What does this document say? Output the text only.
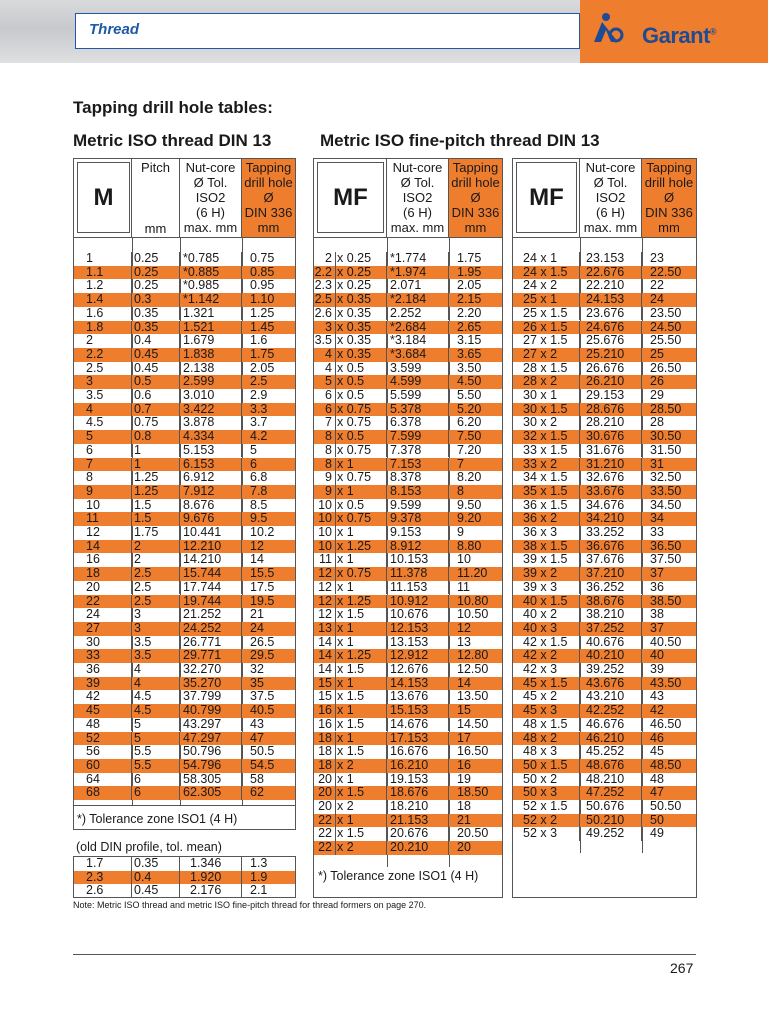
Thread	Garant®
Tapping drill hole tables:
Metric ISO thread DIN 13	Metric ISO fine-pitch thread DIN 13
M
Pitch
mm
Nut-core
Ø Tol.
ISO2
(6 H)
max. mm
Tapping
drill hole
Ø
DIN 336
mm
1	0.25	*0.785	0.75
1.1	0.25	*0.885	0.85
1.2	0.25	*0.985	0.95
1.4	0.3	*1.142	1.10
1.6	0.35	1.321	1.25
1.8	0.35	1.521	1.45
2	0.4	1.679	1.6
2.2	0.45	1.838	1.75
2.5	0.45	2.138	2.05
3	0.5	2.599	2.5
3.5	0.6	3.010	2.9
4	0.7	3.422	3.3
4.5	0.75	3.878	3.7
5	0.8	4.334	4.2
6	1	5.153	5
7	1	6.153	6
8	1.25	6.912	6.8
9	1.25	7.912	7.8
10	1.5	8.676	8.5
11	1.5	9.676	9.5
12	1.75	10.441	10.2
14	2	12.210	12
16	2	14.210	14
18	2.5	15.744	15.5
20	2.5	17.744	17.5
22	2.5	19.744	19.5
24	3	21.252	21
27	3	24.252	24
30	3.5	26.771	26.5
33	3.5	29.771	29.5
36	4	32.270	32
39	4	35.270	35
42	4.5	37.799	37.5
45	4.5	40.799	40.5
48	5	43.297	43
52	5	47.297	47
56	5.5	50.796	50.5
60	5.5	54.796	54.5
64	6	58.305	58
68	6	62.305	62
*) Tolerance zone ISO1 (4 H)
(old DIN profile, tol. mean)
1.7	0.35	1.346	1.3
2.3	0.4	1.920	1.9
2.6	0.45	2.176	2.1
MF
Nut-core
Ø Tol.
ISO2
(6 H)
max. mm
Tapping
drill hole
Ø
DIN 336
mm
2 x 0.25	*1.774	1.75
2.2 x 0.25	*1.974	1.95
2.3 x 0.25	2.071	2.05
2.5 x 0.35	*2.184	2.15
2.6 x 0.35	2.252	2.20
3 x 0.35	*2.684	2.65
3.5 x 0.35	*3.184	3.15
4 x 0.35	*3.684	3.65
4 x 0.5	3.599	3.50
5 x 0.5	4.599	4.50
6 x 0.5	5.599	5.50
6 x 0.75	5.378	5.20
7 x 0.75	6.378	6.20
8 x 0.5	7.599	7.50
8 x 0.75	7.378	7.20
8 x 1	7.153	7
9 x 0.75	8.378	8.20
9 x 1	8.153	8
10 x 0.5	9.599	9.50
10 x 0.75	9.378	9.20
10 x 1	9.153	9
10 x 1.25	8.912	8.80
11 x 1	10.153	10
12 x 0.75	11.378	11.20
12 x 1	11.153	11
12 x 1.25	10.912	10.80
12 x 1.5	10.676	10.50
13 x 1	12.153	12
14 x 1	13.153	13
14 x 1.25	12.912	12.80
14 x 1.5	12.676	12.50
15 x 1	14.153	14
15 x 1.5	13.676	13.50
16 x 1	15.153	15
16 x 1.5	14.676	14.50
18 x 1	17.153	17
18 x 1.5	16.676	16.50
18 x 2	16.210	16
20 x 1	19.153	19
20 x 1.5	18.676	18.50
20 x 2	18.210	18
22 x 1	21.153	21
22 x 1.5	20.676	20.50
22 x 2	20.210	20
*) Tolerance zone ISO1 (4 H)
MF
Nut-core
Ø Tol.
ISO2
(6 H)
max. mm
Tapping
drill hole
Ø
DIN 336
mm
24 x 1	23.153	23
24 x 1.5	22.676	22.50
24 x 2	22.210	22
25 x 1	24.153	24
25 x 1.5	23.676	23.50
26 x 1.5	24.676	24.50
27 x 1.5	25.676	25.50
27 x 2	25.210	25
28 x 1.5	26.676	26.50
28 x 2	26.210	26
30 x 1	29.153	29
30 x 1.5	28.676	28.50
30 x 2	28.210	28
32 x 1.5	30.676	30.50
33 x 1.5	31.676	31.50
33 x 2	31.210	31
34 x 1.5	32.676	32.50
35 x 1.5	33.676	33.50
36 x 1.5	34.676	34.50
36 x 2	34.210	34
36 x 3	33.252	33
38 x 1.5	36.676	36.50
39 x 1.5	37.676	37.50
39 x 2	37.210	37
39 x 3	36.252	36
40 x 1.5	38.676	38.50
40 x 2	38.210	38
40 x 3	37.252	37
42 x 1.5	40.676	40.50
42 x 2	40.210	40
42 x 3	39.252	39
45 x 1.5	43.676	43.50
45 x 2	43.210	43
45 x 3	42.252	42
48 x 1.5	46.676	46.50
48 x 2	46.210	46
48 x 3	45.252	45
50 x 1.5	48.676	48.50
50 x 2	48.210	48
50 x 3	47.252	47
52 x 1.5	50.676	50.50
52 x 2	50.210	50
52 x 3	49.252	49
Note: Metric ISO thread and metric ISO fine-pitch thread for thread formers on page 270.
267
